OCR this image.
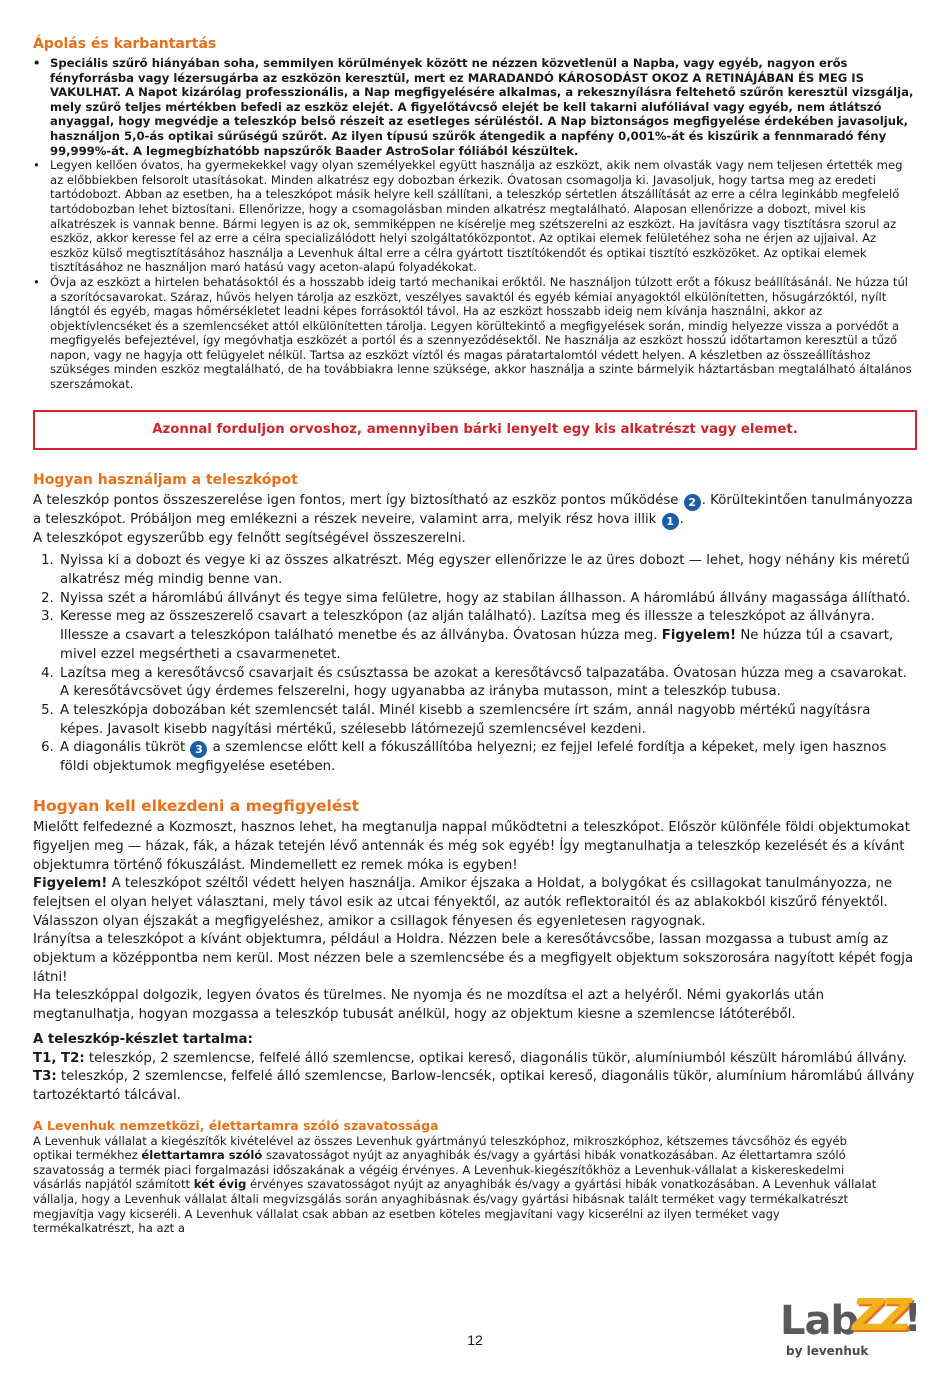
Ápolás és karbantartás
• Speciális szűrő hiányában soha, semmilyen körülmények között ne nézzen közvetlenül a Napba, vagy egyéb, nagyon erős fényforrásba vagy lézersugárba az eszközön keresztül, mert ez MARADANDÓ KÁROSODÁST OKOZ A RETINÁJÁBAN ÉS MEG IS VAKULHAT. A Napot kizárólag professzionális, a Nap megfigyelésére alkalmas, a rekesznyílásra feltehető szűrőn keresztül vizsgálja, mely szűrő teljes mértékben befedi az eszköz elejét. A figyelőtávcső elejét be kell takarni alufóliával vagy egyéb, nem átlátszó anyaggal, hogy megvédje a teleszkóp belső részeit az esetleges sérüléstől. A Nap biztonságos megfigyelése érdekében javasoljuk, használjon 5,0-ás optikai sűrűségű szűrőt. Az ilyen típusú szűrők átengedik a napfény 0,001%-át és kiszűrik a fennmaradó fény 99,999%-át. A legmegbízhatóbb napszűrők Baader AstroSolar fóliából készültek.
• Legyen kellően óvatos, ha gyermekekkel vagy olyan személyekkel együtt használja az eszközt, akik nem olvasták vagy nem teljesen értették meg az előbbiekben felsorolt utasításokat. Minden alkatrész egy dobozban érkezik. Óvatosan csomagolja ki. Javasoljuk, hogy tartsa meg az eredeti tartódobozt. Abban az esetben, ha a teleszkópot másik helyre kell szállítani, a teleszkóp sértetlen átszállítását az erre a célra leginkább megfelelő tartódobozban lehet biztosítani. Ellenőrizze, hogy a csomagolásban minden alkatrész megtalálható. Alaposan ellenőrizze a dobozt, mivel kis alkatrészek is vannak benne. Bármi legyen is az ok, semmiképpen ne kísérelje meg szétszerelni az eszközt. Ha javításra vagy tisztításra szorul az eszköz, akkor keresse fel az erre a célra specializálódott helyi szolgáltatóközpontot. Az optikai elemek felületéhez soha ne érjen az ujjaival. Az eszköz külső megtisztításához használja a Levenhuk által erre a célra gyártott tisztítókendőt és optikai tisztító eszközöket. Az optikai elemek tisztításához ne használjon maró hatású vagy aceton-alapú folyadékokat.
• Óvja az eszközt a hirtelen behatásoktól és a hosszabb ideig tartó mechanikai erőktől. Ne használjon túlzott erőt a fókusz beállításánál. Ne húzza túl a szorítócsavarokat. Száraz, hűvös helyen tárolja az eszközt, veszélyes savaktól és egyéb kémiai anyagoktól elkülönítetten, hősugárzóktól, nyílt lángtól és egyéb, magas hőmérsékletet leadni képes forrásoktól távol. Ha az eszközt hosszabb ideig nem kívánja használni, akkor az objektívlencséket és a szemlencséket attól elkülönítetten tárolja. Legyen körültekintő a megfigyelések során, mindig helyezze vissza a porvédőt a megfigyelés befejeztével, így megóvhatja eszközét a portól és a szennyeződésektől. Ne használja az eszközt hosszú időtartamon keresztül a tűző napon, vagy ne hagyja ott felügyelet nélkül. Tartsa az eszközt víztől és magas páratartalomtól védett helyen. A készletben az összeállításhoz szükséges minden eszköz megtalálható, de ha továbbiakra lenne szüksége, akkor használja a szinte bármelyik háztartásban megtalálható általános szerszámokat.
Azonnal forduljon orvoshoz, amennyiben bárki lenyelt egy kis alkatrészt vagy elemet.
Hogyan használjam a teleszkópot

A teleszkóp pontos összeszerelése igen fontos, mert így biztosítható az eszköz pontos működése 2 . Körültekintően tanulmányozza a teleszkópot. Próbáljon meg emlékezni a részek neveire, valamint arra, melyik rész hova illik 1 .

A teleszkópot egyszerűbb egy felnőtt segítségével összeszerelni.

1. Nyissa ki a dobozt és vegye ki az összes alkatrészt. Még egyszer ellenőrizze le az üres dobozt — lehet, hogy néhány kis méretű alkatrész még mindig benne van.
2. Nyissa szét a háromlábú állványt és tegye sima felületre, hogy az stabilan állhasson. A háromlábú állvány magassága állítható.
3. Keresse meg az összeszerelő csavart a teleszkópon (az alján található). Lazítsa meg és illessze a teleszkópot az állványra. Illessze a csavart a teleszkópon található menetbe és az állványba. Óvatosan húzza meg. Figyelem! Ne húzza túl a csavart, mivel ezzel megsértheti a csavarmenetet.
4. Lazítsa meg a keresőtávcső csavarjait és csúsztassa be azokat a keresőtávcső talpazatába. Óvatosan húzza meg a csavarokat. A keresőtávcsövet úgy érdemes felszerelni, hogy ugyanabba az irányba mutasson, mint a teleszkóp tubusa.
5. A teleszkópja dobozában két szemlencsét talál. Minél kisebb a szemlencsére írt szám, annál nagyobb mértékű nagyításra képes. Javasolt kisebb nagyítási mértékű, szélesebb látómezejű szemlencsével kezdeni.
6. A diagonális tükröt 3 a szemlencse előtt kell a fókuszállítóba helyezni; ez fejjel lefelé fordítja a képeket, mely igen hasznos földi objektumok megfigyelése esetében.
Hogyan kell elkezdeni a megfigyelést

Mielőtt felfedezné a Kozmoszt, hasznos lehet, ha megtanulja nappal működtetni a teleszkópot. Először különféle földi objektumokat figyeljen meg — házak, fák, a házak tetején lévő antennák és még sok egyéb! Így megtanulhatja a teleszkóp kezelését és a kívánt objektumra történő fókuszálást. Mindemellett ez remek móka is egyben!

Figyelem! A teleszkópot széltől védett helyen használja. Amikor éjszaka a Holdat, a bolygókat és csillagokat tanulmányozza, ne felejtsen el olyan helyet választani, mely távol esik az utcai fényektől, az autók reflektoraitól és az ablakokból kiszűrő fényektől. Válasszon olyan éjszakát a megfigyeléshez, amikor a csillagok fényesen és egyenletesen ragyognak.

Irányítsa a teleszkópot a kívánt objektumra, például a Holdra. Nézzen bele a keresőtávcsőbe, lassan mozgassa a tubust amíg az objektum a középpontba nem kerül. Most nézzen bele a szemlencsébe és a megfigyelt objektum sokszorosára nagyított képét fogja látni!

Ha teleszkóppal dolgozik, legyen óvatos és türelmes. Ne nyomja és ne mozdítsa el azt a helyéről. Némi gyakorlás után megtanulhatja, hogyan mozgassa a teleszkóp tubusát anélkül, hogy az objektum kiesne a szemlencse látóteréből.

A teleszkóp-készlet tartalma:

T1, T2: teleszkóp, 2 szemlencse, felfelé álló szemlencse, optikai kereső, diagonális tükör, alumíniumból készült háromlábú állvány.

T3: teleszkóp, 2 szemlencse, felfelé álló szemlencse, Barlow-lencsék, optikai kereső, diagonális tükör, alumínium háromlábú állvány tartozéktartó tálcával.

A Levenhuk nemzetközi, élettartamra szóló szavatossága

A Levenhuk vállalat a kiegészítők kivételével az összes Levenhuk gyártmányú teleszkóphoz, mikroszkóphoz, kétszemes távcsőhöz és egyéb optikai termékhez élettartamra szóló szavatosságot nyújt az anyaghibák és/vagy a gyártási hibák vonatkozásában. Az élettartamra szóló szavatosság a termék piaci forgalmazási időszakának a végéig érvényes. A Levenhuk-kiegészítőkhöz a Levenhuk-vállalat a kiskereskedelmi vásárlás napjától számított két évig érvényes szavatosságot nyújt az anyaghibák és/vagy a gyártási hibák vonatkozásában. A Levenhuk vállalat vállalja, hogy a Levenhuk vállalat általi megvizsgálás során anyaghibásnak és/vagy gyártási hibásnak talált terméket vagy termékalkatrészt megjavítja vagy kicseréli. A Levenhuk vállalat csak abban az esetben köteles megjavítani vagy kicserélni az ilyen terméket vagy termékalkatrészt, ha azt a

12	Lab
ZZ
!
by levenhuk
